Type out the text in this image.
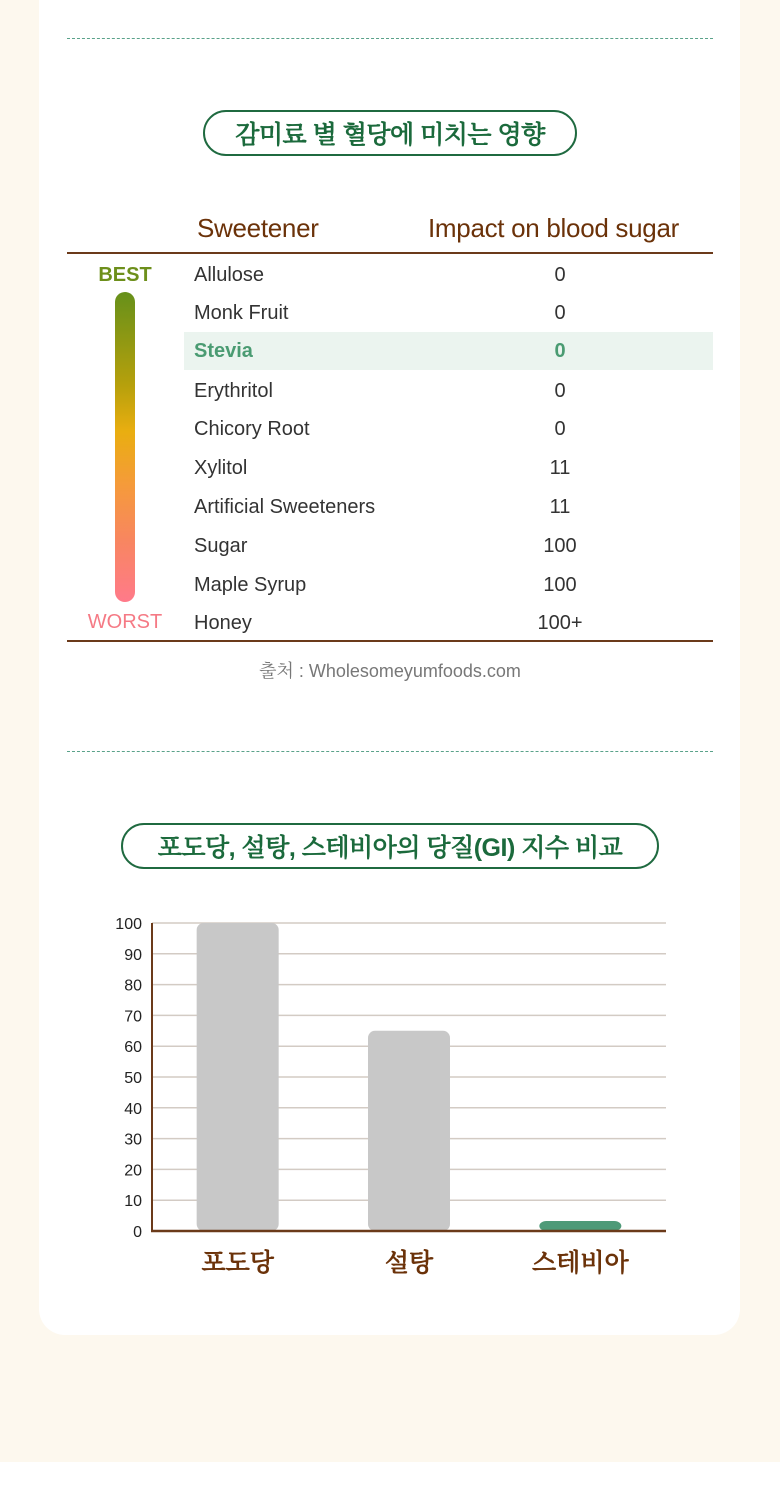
감미료 별 혈당에 미치는 영향
Sweetener	Impact on blood sugar
BEST
WORST
Allulose	0
Monk Fruit	0
Stevia	0
Erythritol	0
Chicory Root	0
Xylitol	11
Artificial Sweeteners	11
Sugar	100
Maple Syrup	100
Honey	100+
출처 : Wholesomeyumfoods.com
포도당, 설탕, 스테비아의 당질(GI) 지수 비교
0
10
20
30
40
50
60
70
80
90
100
포도당	설탕	스테비아
